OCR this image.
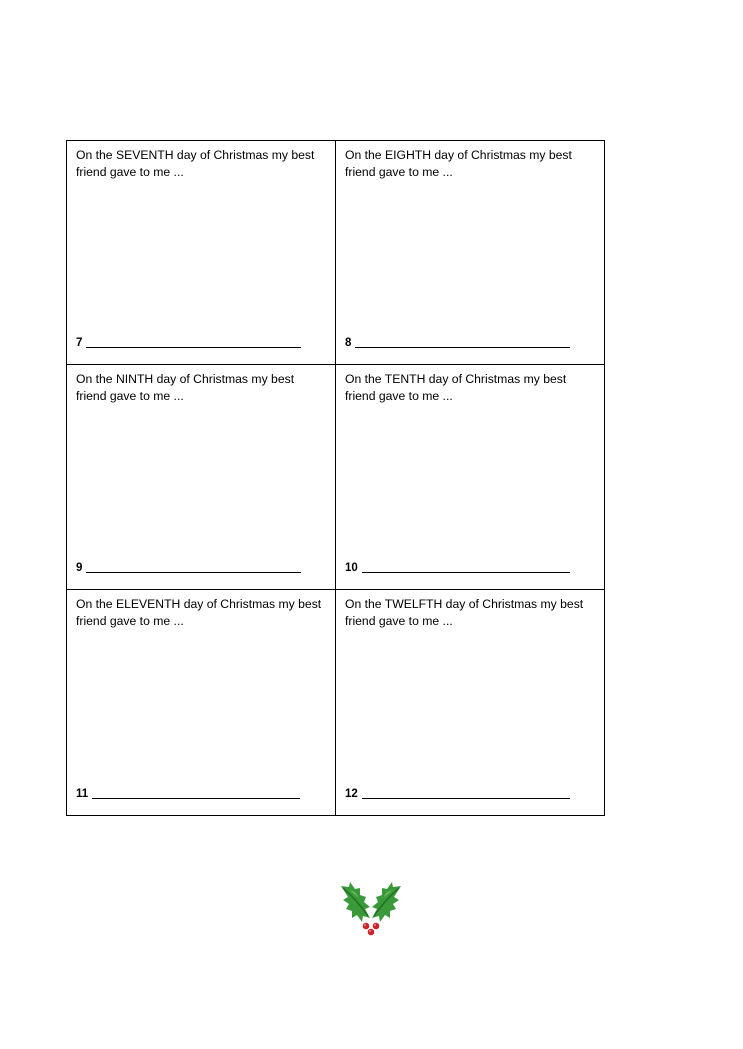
On the SEVENTH day of Christmas my best friend gave to me ...

7

On the EIGHTH day of Christmas my best friend gave to me ...

8

On the NINTH day of Christmas my best friend gave to me ...

9

On the TENTH day of Christmas my best friend gave to me ...

10

On the ELEVENTH day of Christmas my best friend gave to me ...

11

On the TWELFTH day of Christmas my best friend gave to me ...

12
